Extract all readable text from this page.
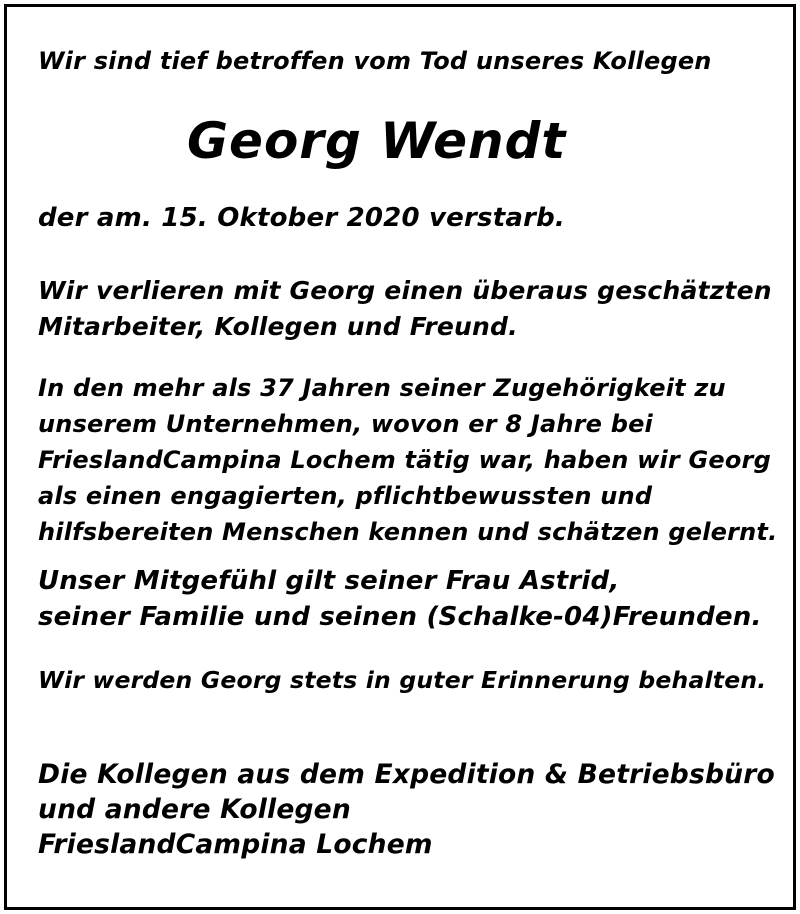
Wir sind tief betroffen vom Tod unseres Kollegen

Georg Wendt

der am. 15. Oktober 2020 verstarb.

Wir verlieren mit Georg einen überaus geschätzten
Mitarbeiter, Kollegen und Freund.

In den mehr als 37 Jahren seiner Zugehörigkeit zu
unserem Unternehmen, wovon er 8 Jahre bei
FrieslandCampina Lochem tätig war, haben wir Georg
als einen engagierten, pflichtbewussten und
hilfsbereiten Menschen kennen und schätzen gelernt.

Unser Mitgefühl gilt seiner Frau Astrid,
seiner Familie und seinen (Schalke-04)Freunden.

Wir werden Georg stets in guter Erinnerung behalten.

Die Kollegen aus dem Expedition & Betriebsbüro
und andere Kollegen
FrieslandCampina Lochem
